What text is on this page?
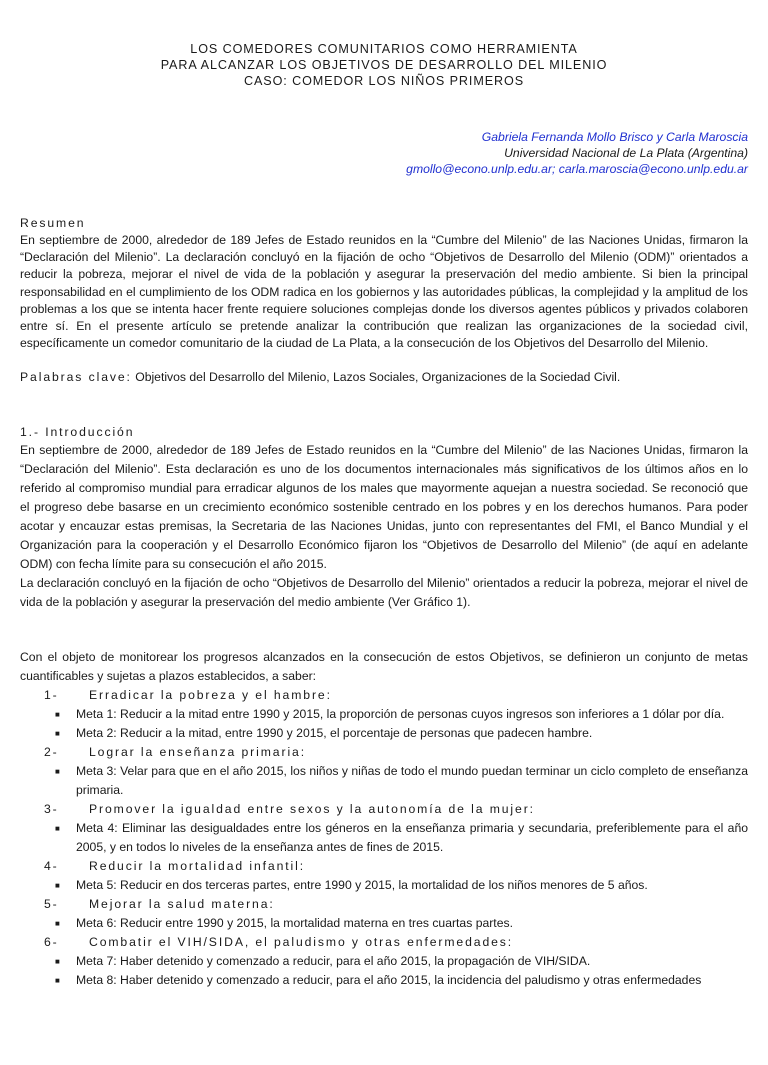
LOS COMEDORES COMUNITARIOS COMO HERRAMIENTA
PARA ALCANZAR LOS OBJETIVOS DE DESARROLLO DEL MILENIO
CASO: COMEDOR LOS NIÑOS PRIMEROS
Gabriela Fernanda Mollo Brisco y Carla Maroscia
Universidad Nacional de La Plata (Argentina)
gmollo@econo.unlp.edu.ar; carla.maroscia@econo.unlp.edu.ar
Resumen

En septiembre de 2000, alrededor de 189 Jefes de Estado reunidos en la “Cumbre del Milenio” de las Naciones Unidas, firmaron la “Declaración del Milenio”. La declaración concluyó en la fijación de ocho “Objetivos de Desarrollo del Milenio (ODM)” orientados a reducir la pobreza, mejorar el nivel de vida de la población y asegurar la preservación del medio ambiente. Si bien la principal responsabilidad en el cumplimiento de los ODM radica en los gobiernos y las autoridades públicas, la complejidad y la amplitud de los problemas a los que se intenta hacer frente requiere soluciones complejas donde los diversos agentes públicos y privados colaboren entre sí. En el presente artículo se pretende analizar la contribución que realizan las organizaciones de la sociedad civil, específicamente un comedor comunitario de la ciudad de La Plata, a la consecución de los Objetivos del Desarrollo del Milenio.

Palabras clave: Objetivos del Desarrollo del Milenio, Lazos Sociales, Organizaciones de la Sociedad Civil.

1.- Introducción

En septiembre de 2000, alrededor de 189 Jefes de Estado reunidos en la “Cumbre del Milenio” de las Naciones Unidas, firmaron la “Declaración del Milenio”. Esta declaración es uno de los documentos internacionales más significativos de los últimos años en lo referido al compromiso mundial para erradicar algunos de los males que mayormente aquejan a nuestra sociedad. Se reconoció que el progreso debe basarse en un crecimiento económico sostenible centrado en los pobres y en los derechos humanos. Para poder acotar y encauzar estas premisas, la Secretaria de las Naciones Unidas, junto con representantes del FMI, el Banco Mundial y el Organización para la cooperación y el Desarrollo Económico fijaron los “Objetivos de Desarrollo del Milenio” (de aquí en adelante ODM) con fecha límite para su consecución el año 2015.

La declaración concluyó en la fijación de ocho “Objetivos de Desarrollo del Milenio” orientados a reducir la pobreza, mejorar el nivel de vida de la población y asegurar la preservación del medio ambiente (Ver Gráfico 1).

Con el objeto de monitorear los progresos alcanzados en la consecución de estos Objetivos, se definieron un conjunto de metas cuantificables y sujetas a plazos establecidos, a saber:

1-	Erradicar la pobreza y el hambre:
■	Meta 1: Reducir a la mitad entre 1990 y 2015, la proporción de personas cuyos ingresos son inferiores a 1 dólar por día.
■	Meta 2: Reducir a la mitad, entre 1990 y 2015, el porcentaje de personas que padecen hambre.
2-	Lograr la enseñanza primaria:
■	Meta 3: Velar para que en el año 2015, los niños y niñas de todo el mundo puedan terminar un ciclo completo de enseñanza primaria.
3-	Promover la igualdad entre sexos y la autonomía de la mujer:
■	Meta 4: Eliminar las desigualdades entre los géneros en la enseñanza primaria y secundaria, preferiblemente para el año 2005, y en todos lo niveles de la enseñanza antes de fines de 2015.
4-	Reducir la mortalidad infantil:
■	Meta 5: Reducir en dos terceras partes, entre 1990 y 2015, la mortalidad de los niños menores de 5 años.
5-	Mejorar la salud materna:
■	Meta 6: Reducir entre 1990 y 2015, la mortalidad materna en tres cuartas partes.
6-	Combatir el VIH/SIDA, el paludismo y otras enfermedades:
■	Meta 7: Haber detenido y comenzado a reducir, para el año 2015, la propagación de VIH/SIDA.
■	Meta 8: Haber detenido y comenzado a reducir, para el año 2015, la incidencia del paludismo y otras enfermedades
